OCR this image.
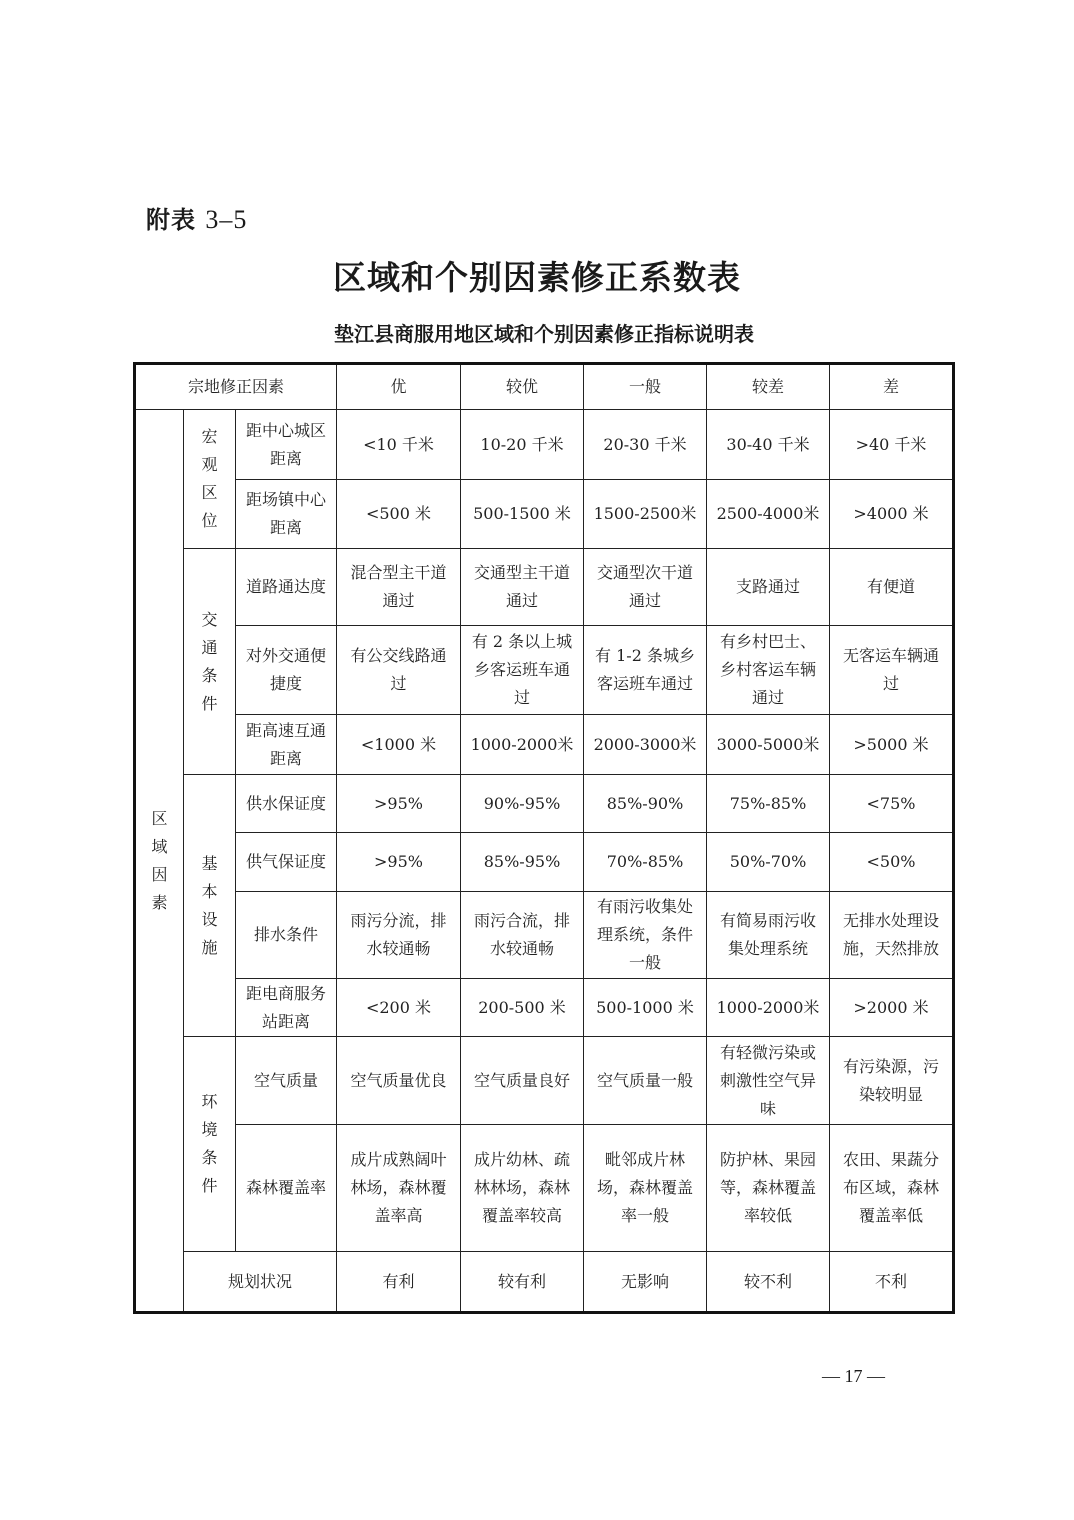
附表 3–5
区域和个别因素修正系数表
垫江县商服用地区域和个别因素修正指标说明表
宗地修正因素			优	较优	一般	较差	差
区域因素	宏观区位	距中心城区距离	<10 千米	10-20 千米	20-30 千米	30-40 千米	>40 千米
		距场镇中心距离	<500 米	500-1500 米	1500-2500米	2500-4000米	>4000 米
	交通条件	道路通达度	混合型主干道通过	交通型主干道通过	交通型次干道通过	支路通过	有便道
		对外交通便捷度	有公交线路通过	有 2 条以上城乡客运班车通过	有 1-2 条城乡客运班车通过	有乡村巴士、乡村客运车辆通过	无客运车辆通过
		距高速互通距离	<1000 米	1000-2000米	2000-3000米	3000-5000米	>5000 米
	基本设施	供水保证度	>95%	90%-95%	85%-90%	75%-85%	<75%
		供气保证度	>95%	85%-95%	70%-85%	50%-70%	<50%
		排水条件	雨污分流，排水较通畅	雨污合流，排水较通畅	有雨污收集处理系统，条件一般	有简易雨污收集处理系统	无排水处理设施，天然排放
		距电商服务站距离	<200 米	200-500 米	500-1000 米	1000-2000米	>2000 米
	环境条件	空气质量	空气质量优良	空气质量良好	空气质量一般	有轻微污染或刺激性空气异味	有污染源，污染较明显
		森林覆盖率	成片成熟阔叶林场，森林覆盖率高	成片幼林、疏林林场，森林覆盖率较高	毗邻成片林场，森林覆盖率一般	防护林、果园等，森林覆盖率较低	农田、果蔬分布区域，森林覆盖率低
	规划状况		有利	较有利	无影响	较不利	不利
— 17 —
